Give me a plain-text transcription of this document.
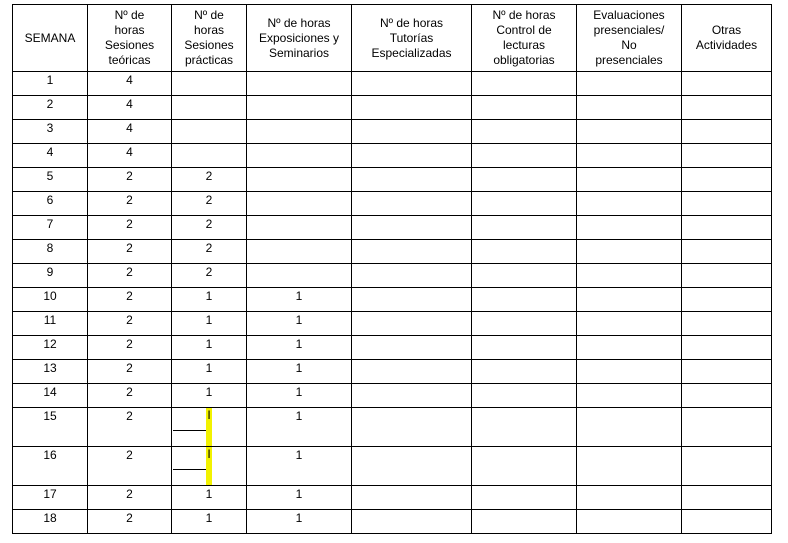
SEMANA	Nº de
horas
Sesiones
teóricas	Nº de
horas
Sesiones
prácticas	Nº de horas
Exposiciones y
Seminarios	Nº de horas
Tutorías
Especializadas	Nº de horas
Control de
lecturas
obligatorias	Evaluaciones
presenciales/
No
presenciales	Otras
Actividades
1	4						
2	4						
3	4						
4	4						
5	2	2					
6	2	2					
7	2	2					
8	2	2					
9	2	2					
10	2	1	1				
11	2	1	1				
12	2	1	1				
13	2	1	1				
14	2	1	1				
15	2	I	1				
16	2	I	1				
17	2	1	1				
18	2	1	1				
